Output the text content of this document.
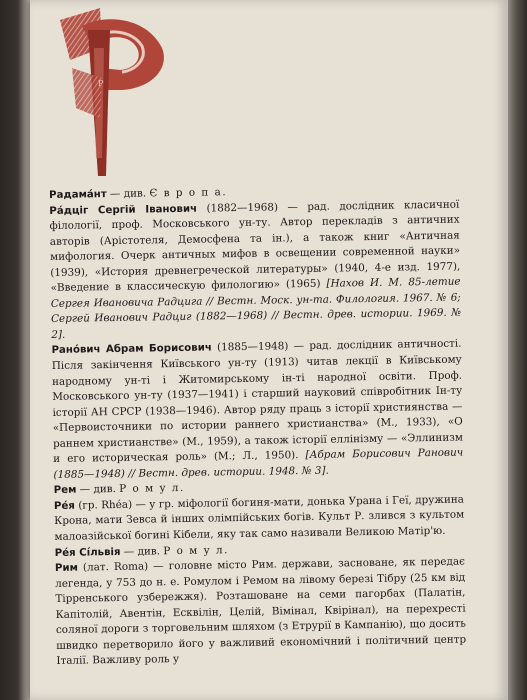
Р

Радама́нт — див. Є в р о п а.

Ра́дціг Сергій Іванович (1882—1968) — рад. дослідник класичної філології, проф. Московського ун-ту. Автор перекладів з античних авторів (Арістотеля, Демосфена та ін.), а також книг «Античная мифология. Очерк античных мифов в освещении современной науки» (1939), «История древнегреческой литературы» (1940, 4-е изд. 1977), «Введение в классическую филологию» (1965) [Нахов И. М. 85-летие Сергея Ивановича Радцига // Вестн. Моск. ун-та. Филология. 1967. № 6; Сергей Иванович Радциг (1882—1968) // Вестн. древ. истории. 1969. № 2].

Рано́вич Абрам Борисович (1885—1948) — рад. дослідник античності. Після закінчення Київського ун-ту (1913) читав лекції в Київському народному ун-ті і Житомирському ін-ті народної освіти. Проф. Московського ун-ту (1937—1941) і старший науковий співробітник Ін-ту історії АН СРСР (1938—1946). Автор ряду праць з історії християнства — «Первоисточники по истории раннего христианства» (М., 1933), «О раннем христианстве» (М., 1959), а також історії еллінізму — «Эллинизм и его историческая роль» (М.; Л., 1950). [Абрам Борисович Ранович (1885—1948) // Вестн. древ. истории. 1948. № 3].

Рем — див. Р о м у л.

Ре́я (гр. Rhéa) — у гр. міфології богиня-мати, донька Урана і Геї, дружина Крона, мати Зевса й інших олімпійських богів. Культ Р. злився з культом малоазійської богині Кібели, яку так само називали Великою Матір'ю.

Ре́я Сі́львія — див. Р о м у л.

Рим (лат. Roma) — головне місто Рим. держави, засноване, як передає легенда, у 753 до н. е. Ромулом і Ремом на лівому березі Тібру (25 км від Тірренського узбережжя). Розташоване на семи пагорбах (Палатін, Капітолій, Авентін, Есквілін, Целій, Вімінал, Квірінал), на перехресті соляної дороги з торговельним шляхом (з Етрурії в Кампанію), що досить швидко перетворило його у важливий економічний і політичний центр Італії. Важливу роль у
